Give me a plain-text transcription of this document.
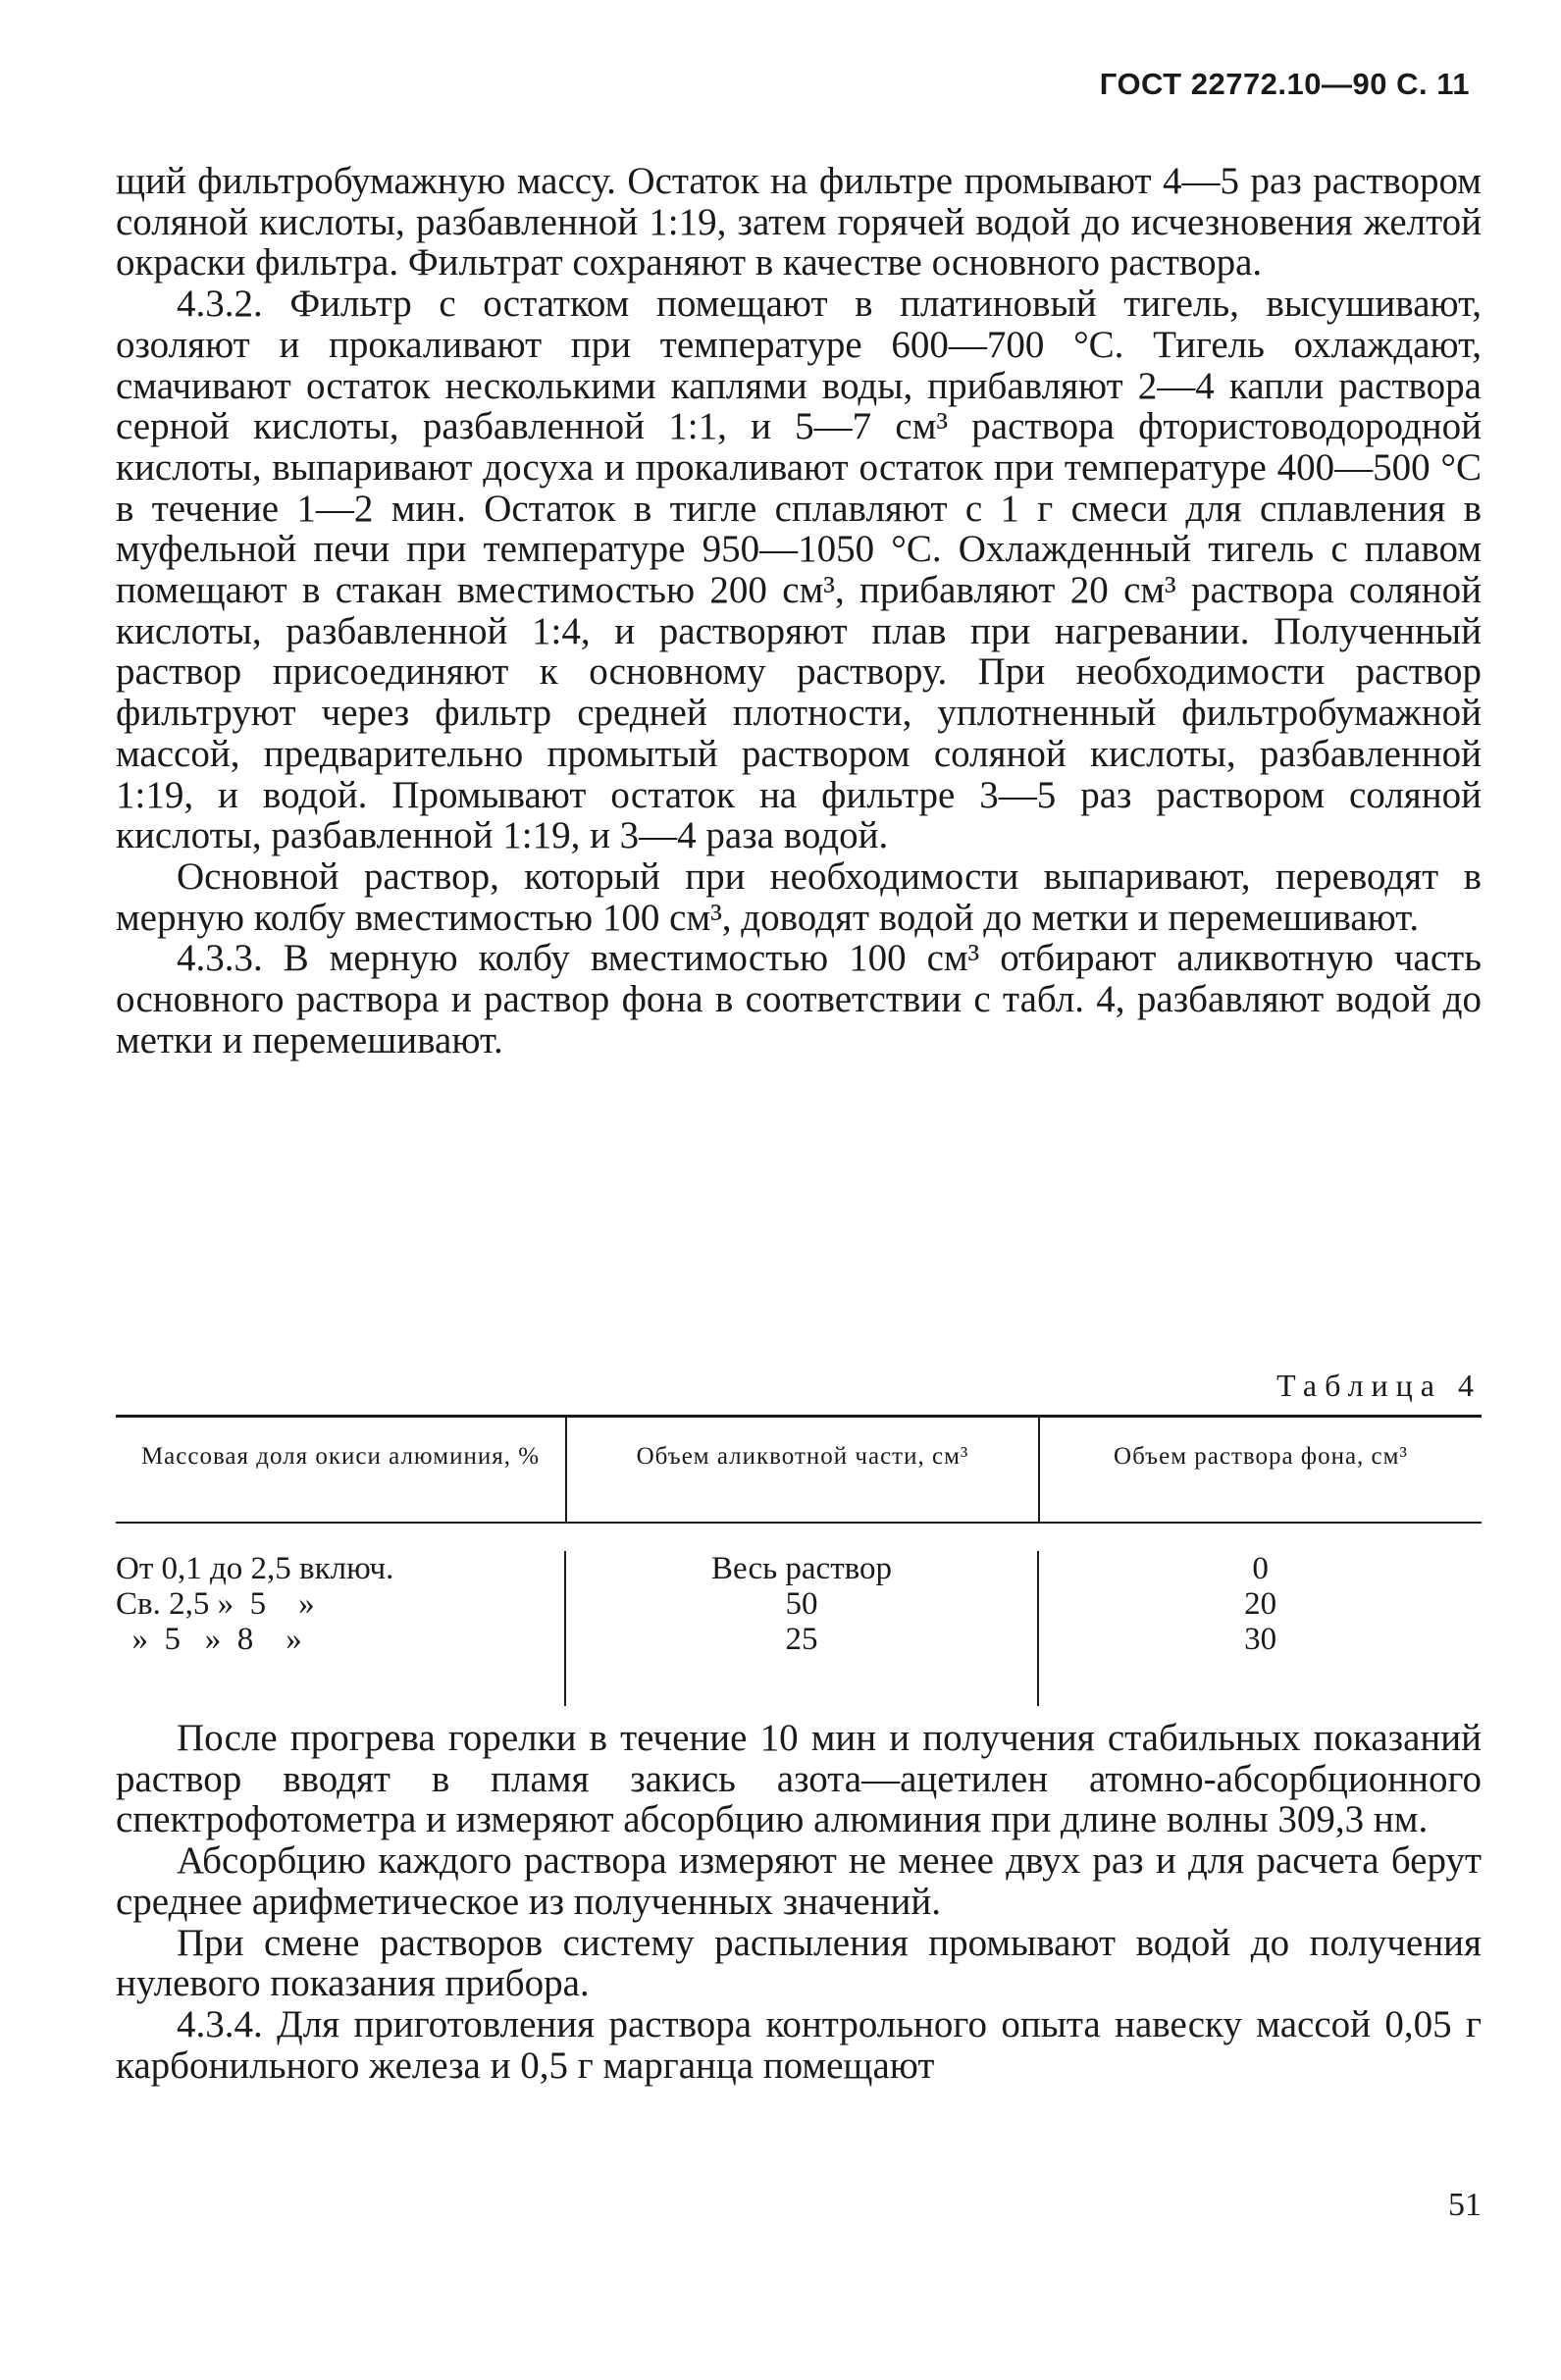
ГОСТ 22772.10—90 С. 11

щий фильтробумажную массу. Остаток на фильтре промывают 4—5 раз раствором соляной кислоты, разбавленной 1:19, затем горячей водой до исчезновения желтой окраски фильтра. Фильтрат сохраняют в качестве основного раствора.

4.3.2. Фильтр с остатком помещают в платиновый тигель, высушивают, озоляют и прокаливают при температуре 600—700 °С. Тигель охлаждают, смачивают остаток несколькими каплями воды, прибавляют 2—4 капли раствора серной кислоты, разбавленной 1:1, и 5—7 см³ раствора фтористоводородной кислоты, выпаривают досуха и прокаливают остаток при температуре 400—500 °С в течение 1—2 мин. Остаток в тигле сплавляют с 1 г смеси для сплавления в муфельной печи при температуре 950—1050 °С. Охлажденный тигель с плавом помещают в стакан вместимостью 200 см³, прибавляют 20 см³ раствора соляной кислоты, разбавленной 1:4, и растворяют плав при нагревании. Полученный раствор присоединяют к основному раствору. При необходимости раствор фильтруют через фильтр средней плотности, уплотненный фильтробумажной массой, предварительно промытый раствором соляной кислоты, разбавленной 1:19, и водой. Промывают остаток на фильтре 3—5 раз раствором соляной кислоты, разбавленной 1:19, и 3—4 раза водой.

Основной раствор, который при необходимости выпаривают, переводят в мерную колбу вместимостью 100 см³, доводят водой до метки и перемешивают.

4.3.3. В мерную колбу вместимостью 100 см³ отбирают аликвотную часть основного раствора и раствор фона в соответствии с табл. 4, разбавляют водой до метки и перемешивают.

Таблица 4
Массовая доля окиси алюминия, %	Объем аликвотной части, см³	Объем раствора фона, см³
От 0,1 до 2,5 включ.
Св. 2,5 »  5    »
»  5   »  8    »
Весь раствор
50
25
0
20
30

После прогрева горелки в течение 10 мин и получения стабильных показаний раствор вводят в пламя закись азота—ацетилен атомно-абсорбционного спектрофотометра и измеряют абсорбцию алюминия при длине волны 309,3 нм.

Абсорбцию каждого раствора измеряют не менее двух раз и для расчета берут среднее арифметическое из полученных значений.

При смене растворов систему распыления промывают водой до получения нулевого показания прибора.

4.3.4. Для приготовления раствора контрольного опыта навеску массой 0,05 г карбонильного железа и 0,5 г марганца помещают

51
